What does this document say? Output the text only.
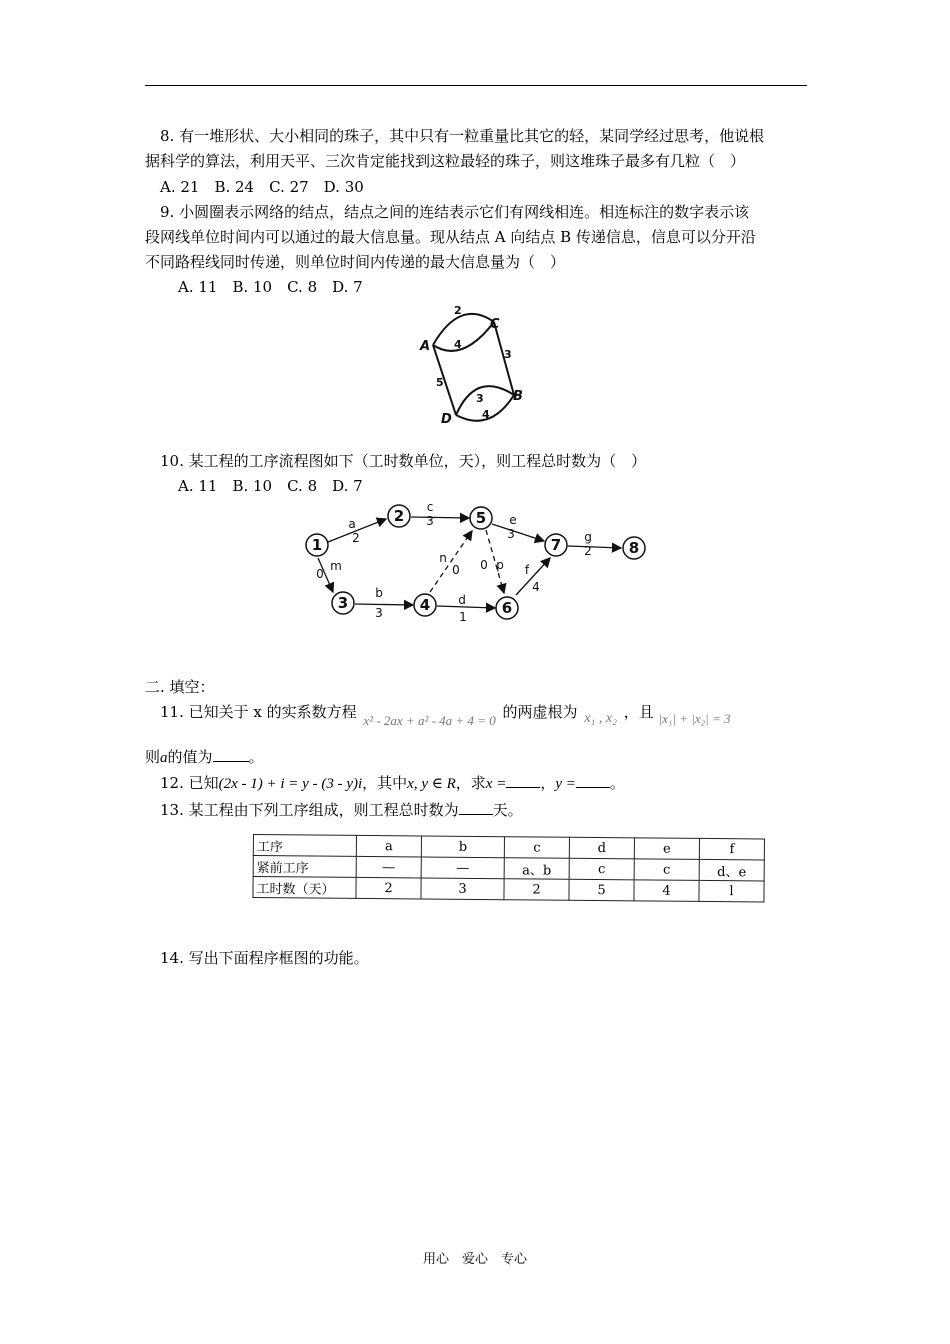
8. 有一堆形状、大小相同的珠子，其中只有一粒重量比其它的轻，某同学经过思考，他说根
据科学的算法，利用天平、三次肯定能找到这粒最轻的珠子，则这堆珠子最多有几粒（　）
A. 21　B. 24　C. 27　D. 30
9. 小圆圈表示网络的结点，结点之间的连结表示它们有网线相连。相连标注的数字表示该
段网线单位时间内可以通过的最大信息量。现从结点 A 向结点 B 传递信息，信息可以分开沿
不同路程线同时传递，则单位时间内传递的最大信息量为（　）
A. 11　B. 10　C. 8　D. 7
A
C
B
D
2
4
3
5
3
4
10. 某工程的工序流程图如下（工时数单位，天），则工程总时数为（　）
A. 11　B. 10　C. 8　D. 7
1
2	5
7	8
3	4	6
a
2
c
3	e
3	g
2
m
0
b
3
d
1
n
0	p
0	f
4
二. 填空：
11. 已知关于 x 的实系数方程 x² - 2ax + a² - 4a + 4 = 0 的两虚根为 x₁ , x₂ ，且 |x₁| + |x₂| = 3
则a的值为 。
12. 已知(2x - 1) + i = y - (3 - y)i，其中x, y ∈ R，求x = ，y = 。
13. 某工程由下列工序组成，则工程总时数为 天。
工序	a	b	c	d	e	f
紧前工序	—	—	a、b	c	c	d、e
工时数（天）	2	3	2	5	4	l
14. 写出下面程序框图的功能。
用心　爱心　专心
